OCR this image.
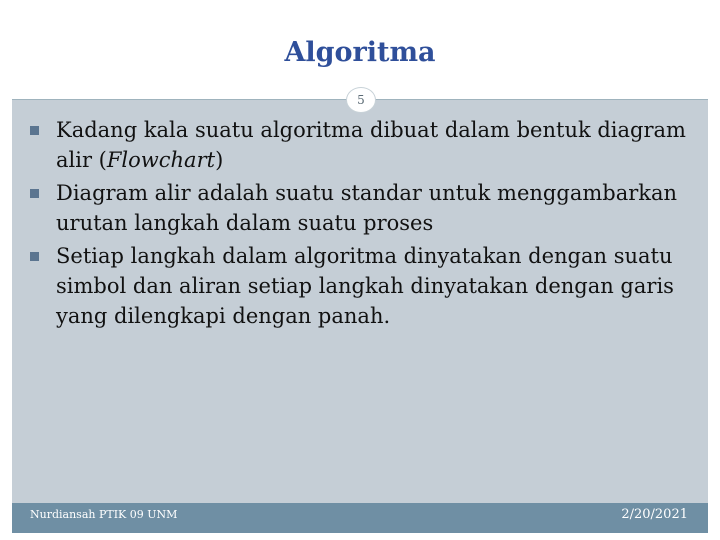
Algoritma
5
Kadang kala suatu algoritma dibuat dalam bentuk diagram alir (Flowchart)
Diagram alir adalah suatu standar untuk menggambarkan urutan langkah dalam suatu proses
Setiap langkah dalam algoritma dinyatakan dengan suatu simbol dan aliran setiap langkah dinyatakan dengan garis yang dilengkapi dengan panah.
Nurdiansah PTIK 09 UNM	2/20/2021
